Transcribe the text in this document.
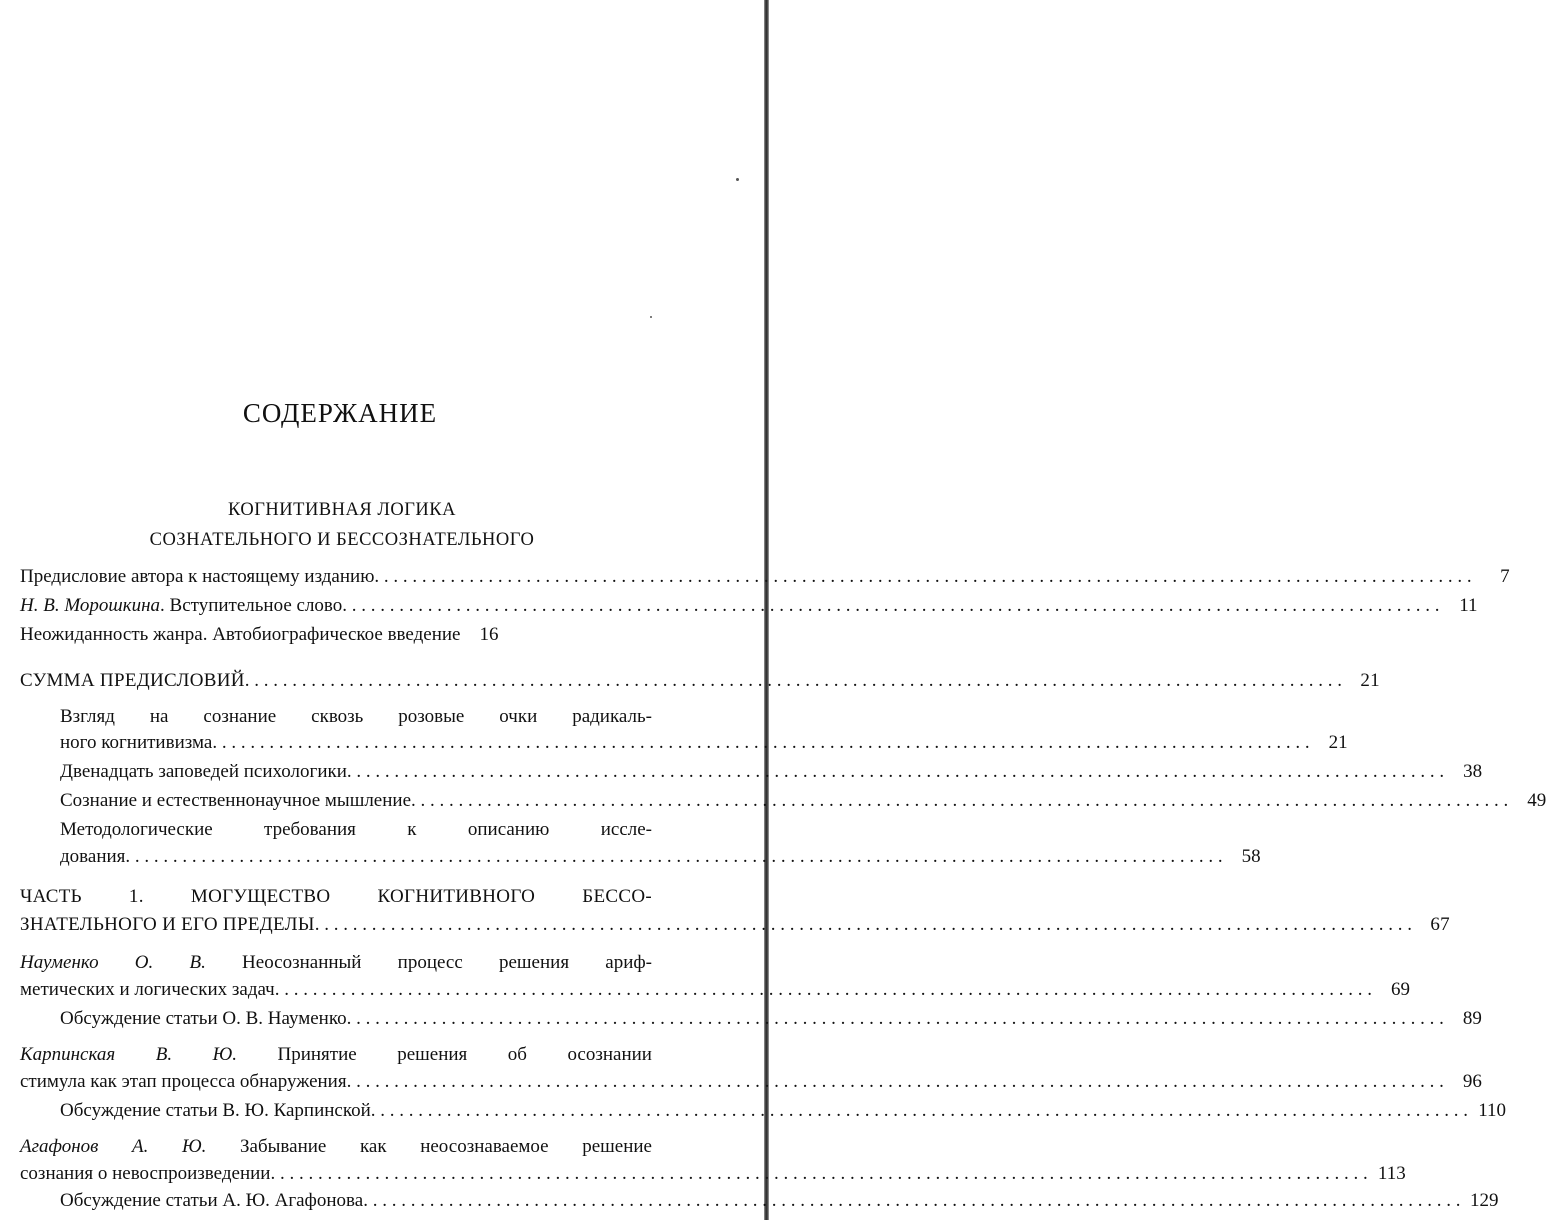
СОДЕРЖАНИЕ
КОГНИТИВНАЯ ЛОГИКА
СОЗНАТЕЛЬНОГО И БЕССОЗНАТЕЛЬНОГО
Предисловие автора к настоящему изданию . . .	7
Н. В. Морошкина. Вступительное слово . . .	11
Неожиданность жанра. Автобиографическое введение	16
СУММА ПРЕДИСЛОВИЙ . . .	21
Взгляд на сознание сквозь розовые очки радикаль-
ного когнитивизма . . .	21
Двенадцать заповедей психологики . . .	38
Сознание и естественнонаучное мышление . . .	49
Методологические требования к описанию иссле-
дования . . .	58
ЧАСТЬ 1. МОГУЩЕСТВО КОГНИТИВНОГО БЕССО-
ЗНАТЕЛЬНОГО И ЕГО ПРЕДЕЛЫ . . .	67
Науменко О. В. Неосознанный процесс решения ариф-
метических и логических задач . . .	69
Обсуждение статьи О. В. Науменко . . .	89
Карпинская В. Ю. Принятие решения об осознании
стимула как этап процесса обнаружения . . .	96
Обсуждение статьи В. Ю. Карпинской . . .	110
Агафонов А. Ю. Забывание как неосознаваемое решение
сознания о невоспроизведении . . .	113
Обсуждение статьи А. Ю. Агафонова . . .	129
